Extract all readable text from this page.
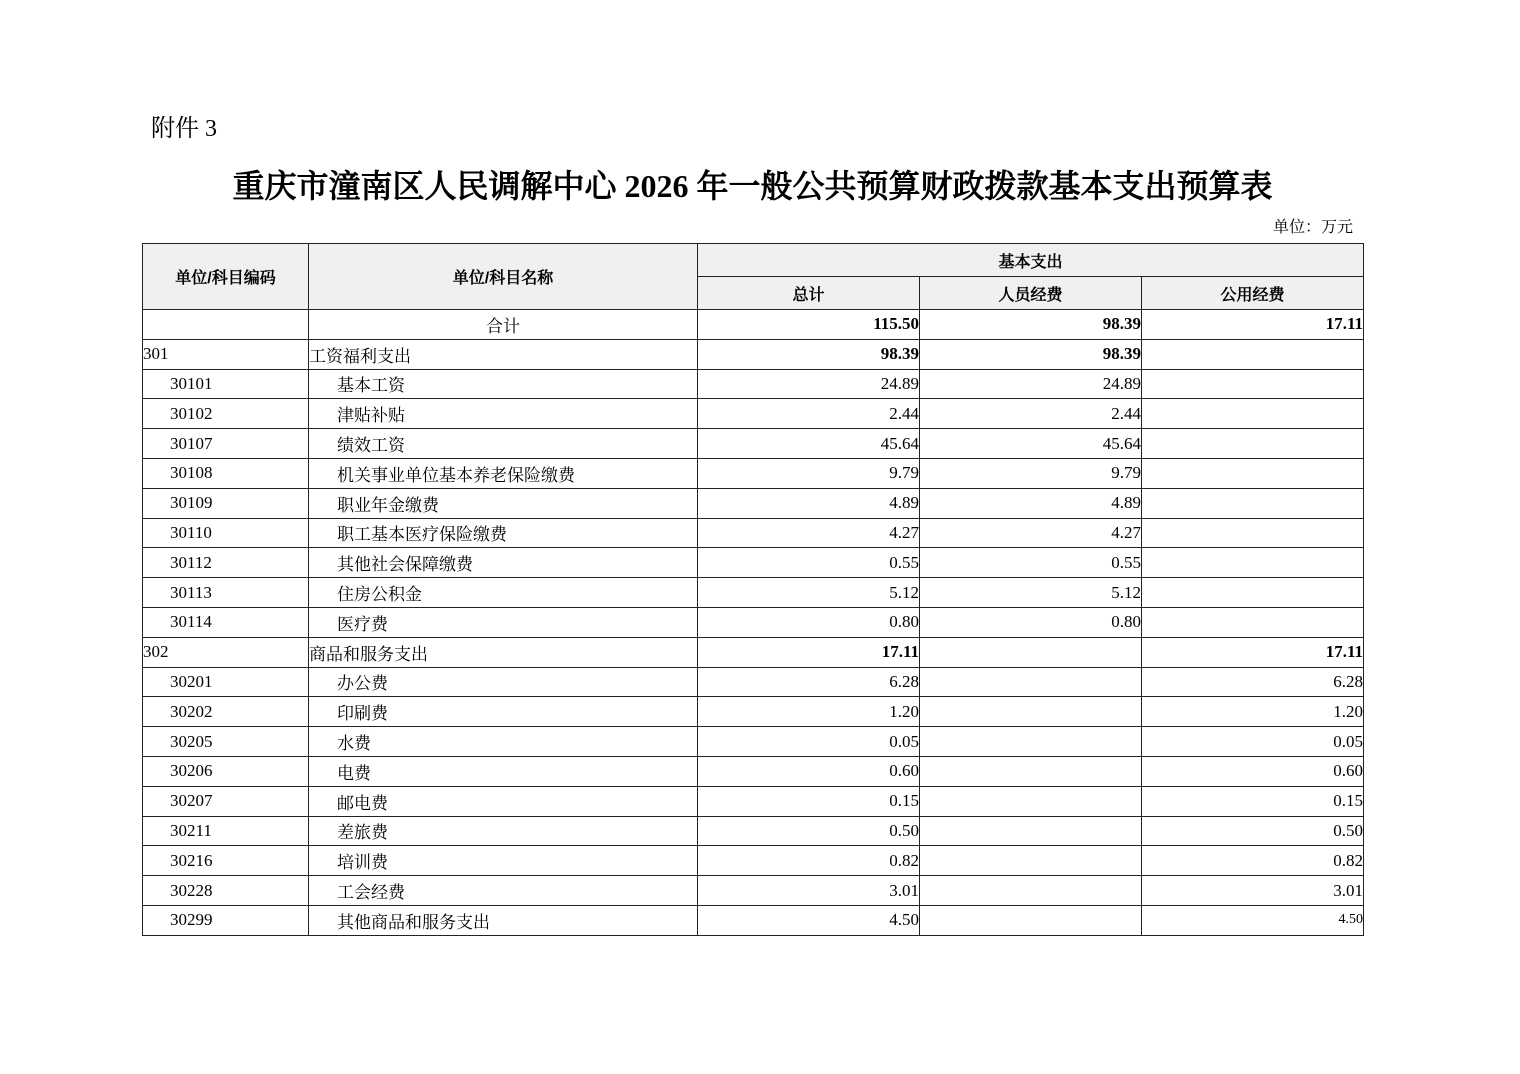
附件 3
重庆市潼南区人民调解中心 2026 年一般公共预算财政拨款基本支出预算表
单位：万元
单位/科目编码	单位/科目名称	基本支出		
		总计	人员经费	公用经费
	合计	115.50	98.39	17.11
301	工资福利支出	98.39	98.39	
30101	基本工资	24.89	24.89	
30102	津贴补贴	2.44	2.44	
30107	绩效工资	45.64	45.64	
30108	机关事业单位基本养老保险缴费	9.79	9.79	
30109	职业年金缴费	4.89	4.89	
30110	职工基本医疗保险缴费	4.27	4.27	
30112	其他社会保障缴费	0.55	0.55	
30113	住房公积金	5.12	5.12	
30114	医疗费	0.80	0.80	
302	商品和服务支出	17.11		17.11
30201	办公费	6.28		6.28
30202	印刷费	1.20		1.20
30205	水费	0.05		0.05
30206	电费	0.60		0.60
30207	邮电费	0.15		0.15
30211	差旅费	0.50		0.50
30216	培训费	0.82		0.82
30228	工会经费	3.01		3.01
30299	其他商品和服务支出	4.50		4.50
